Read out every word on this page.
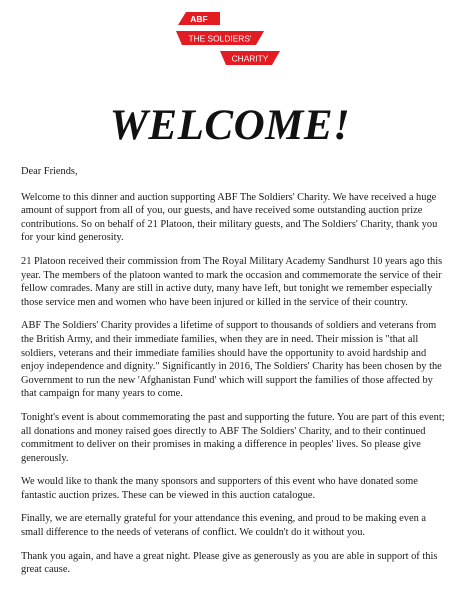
ABF
THE SOLDIERS'
CHARITY
WELCOME!

Dear Friends,

Welcome to this dinner and auction supporting ABF The Soldiers' Charity. We have received a huge amount of support from all of you, our guests, and have received some outstanding auction prize contributions. So on behalf of 21 Platoon, their military guests, and The Soldiers' Charity, thank you for your kind generosity.

21 Platoon received their commission from The Royal Military Academy Sandhurst 10 years ago this year. The members of the platoon wanted to mark the occasion and commemorate the service of their fellow comrades. Many are still in active duty, many have left, but tonight we remember especially those service men and women who have been injured or killed in the service of their country.

ABF The Soldiers' Charity provides a lifetime of support to thousands of soldiers and veterans from the British Army, and their immediate families, when they are in need. Their mission is "that all soldiers, veterans and their immediate families should have the opportunity to avoid hardship and enjoy independence and dignity." Significantly in 2016, The Soldiers' Charity has been chosen by the Government to run the new 'Afghanistan Fund' which will support the families of those affected by that campaign for many years to come.

Tonight's event is about commemorating the past and supporting the future. You are part of this event; all donations and money raised goes directly to ABF The Soldiers' Charity, and to their continued commitment to deliver on their promises in making a difference in peoples' lives. So please give generously.

We would like to thank the many sponsors and supporters of this event who have donated some fantastic auction prizes. These can be viewed in this auction catalogue.

Finally, we are eternally grateful for your attendance this evening, and proud to be making even a small difference to the needs of veterans of conflict. We couldn't do it without you.

Thank you again, and have a great night. Please give as generously as you are able in support of this great cause.
